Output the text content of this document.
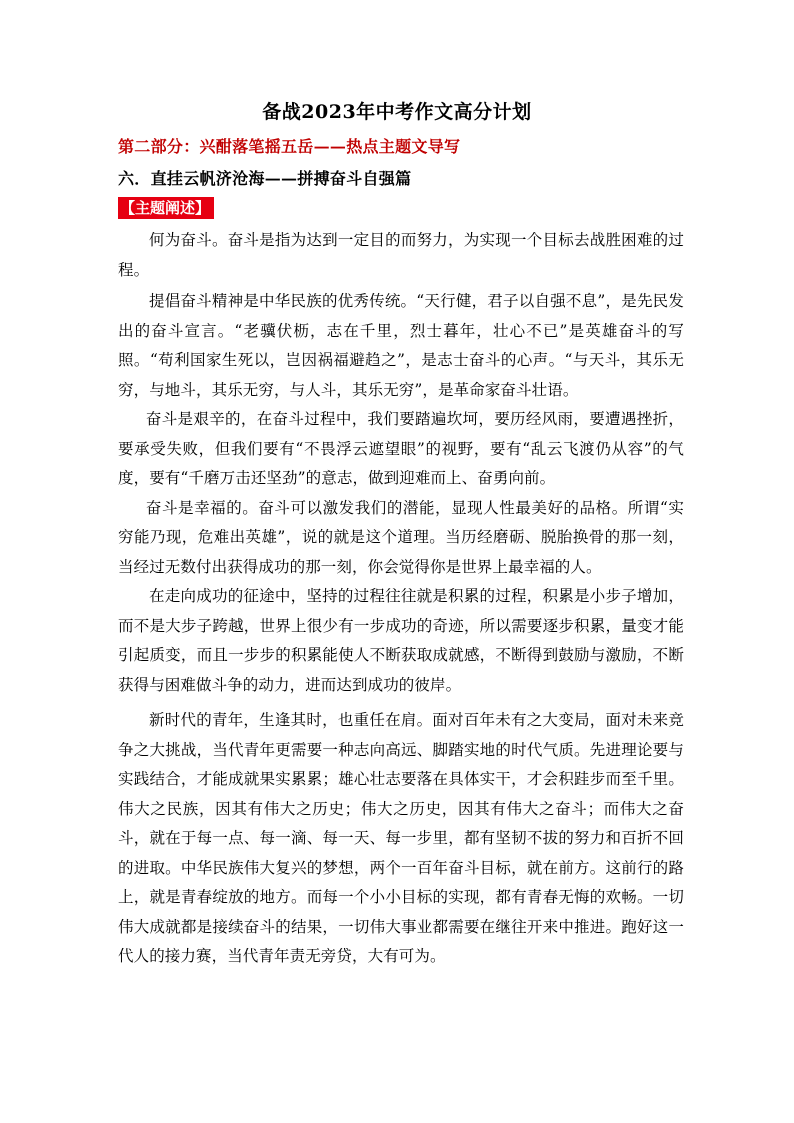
备战2023年中考作文高分计划
第二部分：兴酣落笔摇五岳——热点主题文导写
六．直挂云帆济沧海——拼搏奋斗自强篇
【主题阐述】

何为奋斗。奋斗是指为达到一定目的而努力，为实现一个目标去战胜困难的过程。

提倡奋斗精神是中华民族的优秀传统。“天行健，君子以自强不息”，是先民发出的奋斗宣言。“老骥伏枥，志在千里，烈士暮年，壮心不已”是英雄奋斗的写照。“苟利国家生死以，岂因祸福避趋之”，是志士奋斗的心声。“与天斗，其乐无穷，与地斗，其乐无穷，与人斗，其乐无穷”，是革命家奋斗壮语。

奋斗是艰辛的，在奋斗过程中，我们要踏遍坎坷，要历经风雨，要遭遇挫折，要承受失败，但我们要有“不畏浮云遮望眼”的视野，要有“乱云飞渡仍从容”的气度，要有“千磨万击还坚劲”的意志，做到迎难而上、奋勇向前。

奋斗是幸福的。奋斗可以激发我们的潜能，显现人性最美好的品格。所谓“实穷能乃现，危难出英雄”，说的就是这个道理。当历经磨砺、脱胎换骨的那一刻，当经过无数付出获得成功的那一刻，你会觉得你是世界上最幸福的人。

在走向成功的征途中，坚持的过程往往就是积累的过程，积累是小步子增加，而不是大步子跨越，世界上很少有一步成功的奇迹，所以需要逐步积累，量变才能引起质变，而且一步步的积累能使人不断获取成就感，不断得到鼓励与激励，不断获得与困难做斗争的动力，进而达到成功的彼岸。

新时代的青年，生逢其时，也重任在肩。面对百年未有之大变局，面对未来竞争之大挑战，当代青年更需要一种志向高远、脚踏实地的时代气质。先进理论要与实践结合，才能成就果实累累；雄心壮志要落在具体实干，才会积跬步而至千里。伟大之民族，因其有伟大之历史；伟大之历史，因其有伟大之奋斗；而伟大之奋斗，就在于每一点、每一滴、每一天、每一步里，都有坚韧不拔的努力和百折不回的进取。中华民族伟大复兴的梦想，两个一百年奋斗目标，就在前方。这前行的路上，就是青春绽放的地方。而每一个小小目标的实现，都有青春无悔的欢畅。一切伟大成就都是接续奋斗的结果，一切伟大事业都需要在继往开来中推进。跑好这一代人的接力赛，当代青年责无旁贷，大有可为。
